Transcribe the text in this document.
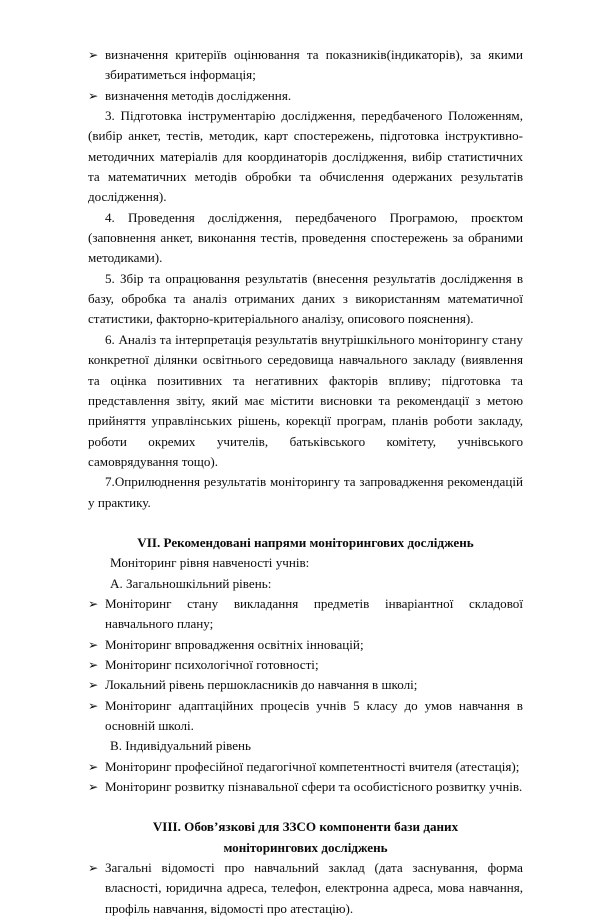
➢ визначення критеріїв оцінювання та показників(індикаторів), за якими збиратиметься інформація;

➢ визначення методів дослідження.

3. Підготовка інструментарію дослідження, передбаченого Положенням, (вибір анкет, тестів, методик, карт спостережень, підготовка інструктивно-методичних матеріалів для координаторів дослідження, вибір статистичних та математичних методів обробки та обчислення одержаних результатів дослідження).

4. Проведення дослідження, передбаченого Програмою, проєктом (заповнення анкет, виконання тестів, проведення спостережень за обраними методиками).

5. Збір та опрацювання результатів (внесення результатів дослідження в базу, обробка та аналіз отриманих даних з використанням математичної статистики, факторно-критеріального аналізу, описового пояснення).

6. Аналіз та інтерпретація результатів внутрішкільного моніторингу стану конкретної ділянки освітнього середовища навчального закладу (виявлення та оцінка позитивних та негативних факторів впливу; підготовка та представлення звіту, який має містити висновки та рекомендації з метою прийняття управлінських рішень, корекції програм, планів роботи закладу, роботи окремих учителів, батьківського комітету, учнівського самоврядування тощо).

7.Оприлюднення результатів моніторингу та запровадження рекомендацій у практику.

VII. Рекомендовані напрями моніторингових досліджень

Моніторинг рівня навченості учнів:

А. Загальношкільний рівень:

➢ Моніторинг стану викладання предметів інваріантної складової навчального плану;

➢ Моніторинг впровадження освітніх інновацій;

➢ Моніторинг психологічної готовності;

➢ Локальний рівень першокласників до навчання в школі;

➢ Моніторинг адаптаційних процесів учнів 5 класу до умов навчання в основній школі.

В. Індивідуальний рівень

➢ Моніторинг професійної педагогічної компетентності вчителя (атестація);

➢ Моніторинг розвитку пізнавальної сфери та особистісного розвитку учнів.

VIII. Обов’язкові для ЗЗСО компоненти бази даних

моніторингових досліджень

➢ Загальні відомості про навчальний заклад (дата заснування, форма власності, юридична адреса, телефон, електронна адреса, мова навчання, профіль навчання, відомості про атестацію).
